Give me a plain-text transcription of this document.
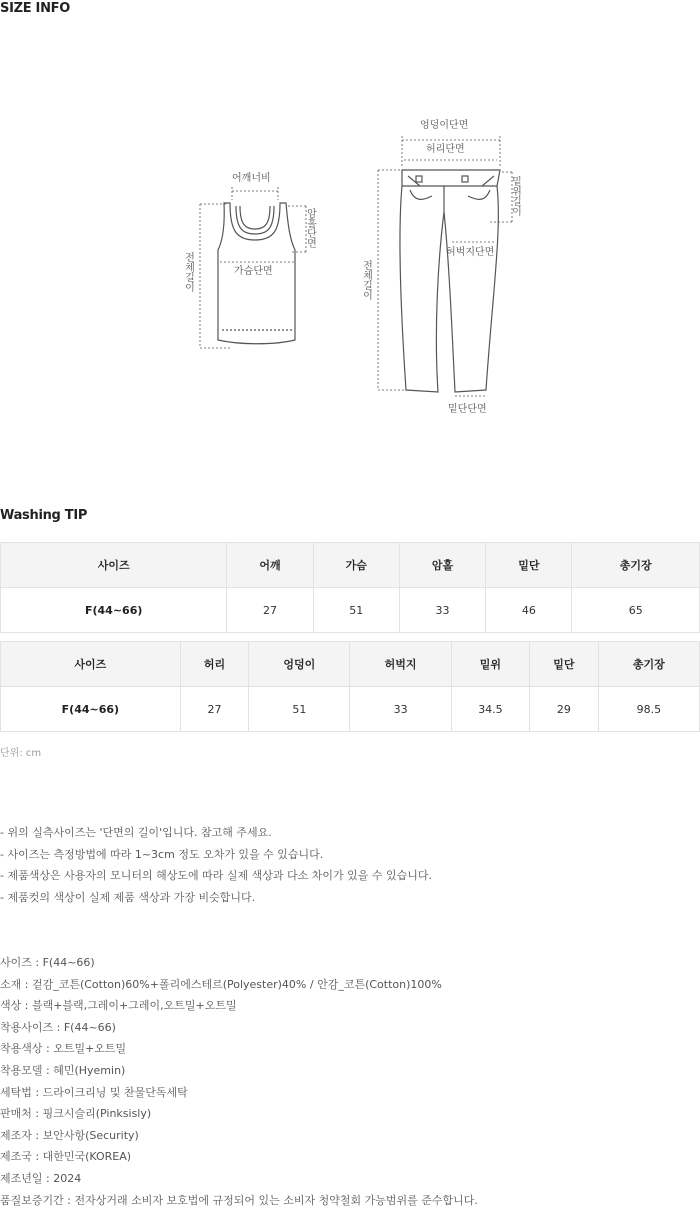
SIZE INFO
어깨너비
가슴단면
암홀단면
전체길이
엉덩이단면
허리단면
밑위길이
허벅지단면
밑단단면
전체길이
Washing TIP
사이즈	어깨	가슴	암홀	밑단	총기장
F(44~66)	27	51	33	46	65
사이즈	허리	엉덩이	허벅지	밑위	밑단	총기장
F(44~66)	27	51	33	34.5	29	98.5
단위: cm
- 위의 실측사이즈는 '단면의 길이'입니다. 참고해 주세요.
- 사이즈는 측정방법에 따라 1~3cm 정도 오차가 있을 수 있습니다.
- 제품색상은 사용자의 모니터의 해상도에 따라 실제 색상과 다소 차이가 있을 수 있습니다.
- 제품컷의 색상이 실제 제품 색상과 가장 비슷합니다.
사이즈 : F(44~66)
소재 : 겉감_코튼(Cotton)60%+폴리에스테르(Polyester)40% / 안감_코튼(Cotton)100%
색상 : 블랙+블랙,그레이+그레이,오트밀+오트밀
착용사이즈 : F(44~66)
착용색상 : 오트밀+오트밀
착용모델 : 혜민(Hyemin)
세탁법 : 드라이크리닝 및 찬물단독세탁
판매처 : 핑크시슬리(Pinksisly)
제조자 : 보안사항(Security)
제조국 : 대한민국(KOREA)
제조년일 : 2024
품질보증기간 : 전자상거래 소비자 보호법에 규정되어 있는 소비자 청약철회 가능범위를 준수합니다.
